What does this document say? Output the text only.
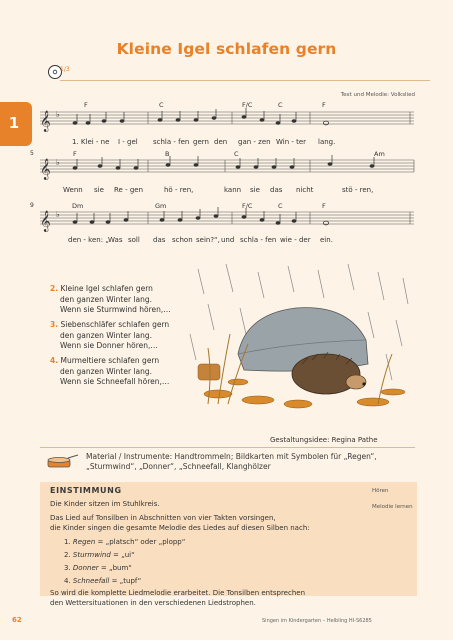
Kleine Igel schlafen gern
1/3
1
Text und Melodie: Volkslied
𝄞
𝄞
𝄞
♭
♭
♭
F	C	F/C	C	F
1. Klei - ne I - gel schla - fen gern den gan - zen Win - ter lang.
5	F	B	C	Am
Wenn sie Re - gen	hö - ren,	kann sie das nicht	stö - ren,
9	Dm	Gm	F/C	C	F
den - ken: „Was soll das schon sein?“, und schla - fen wie - der ein.
2. Kleine Igel schlafen gern
den ganzen Winter lang.
Wenn sie Sturmwind hören,…
3. Siebenschläfer schlafen gern
den ganzen Winter lang.
Wenn sie Donner hören,…
4. Murmeltiere schlafen gern
den ganzen Winter lang.
Wenn sie Schneefall hören,…
Gestaltungsidee: Regina Pathe
Material / Instrumente: Handtrommeln; Bildkarten mit Symbolen für „Regen“,
„Sturmwind“, „Donner“, „Schneefall, Klanghölzer
EINSTIMMUNG
Die Kinder sitzen im Stuhlkreis.
Das Lied auf Tonsilben in Abschnitten von vier Takten vorsingen,
die Kinder singen die gesamte Melodie des Liedes auf diesen Silben nach:
1. Regen = „platsch“ oder „plopp“
2. Sturmwind = „ui“
3. Donner = „bum“
4. Schneefall = „tupf“
So wird die komplette Liedmelodie erarbeitet. Die Tonsilben entsprechen
den Wettersituationen in den verschiedenen Liedstrophen.
Hören
Melodie lernen
62	Singen im Kindergarten – Helbling HI-S6285
